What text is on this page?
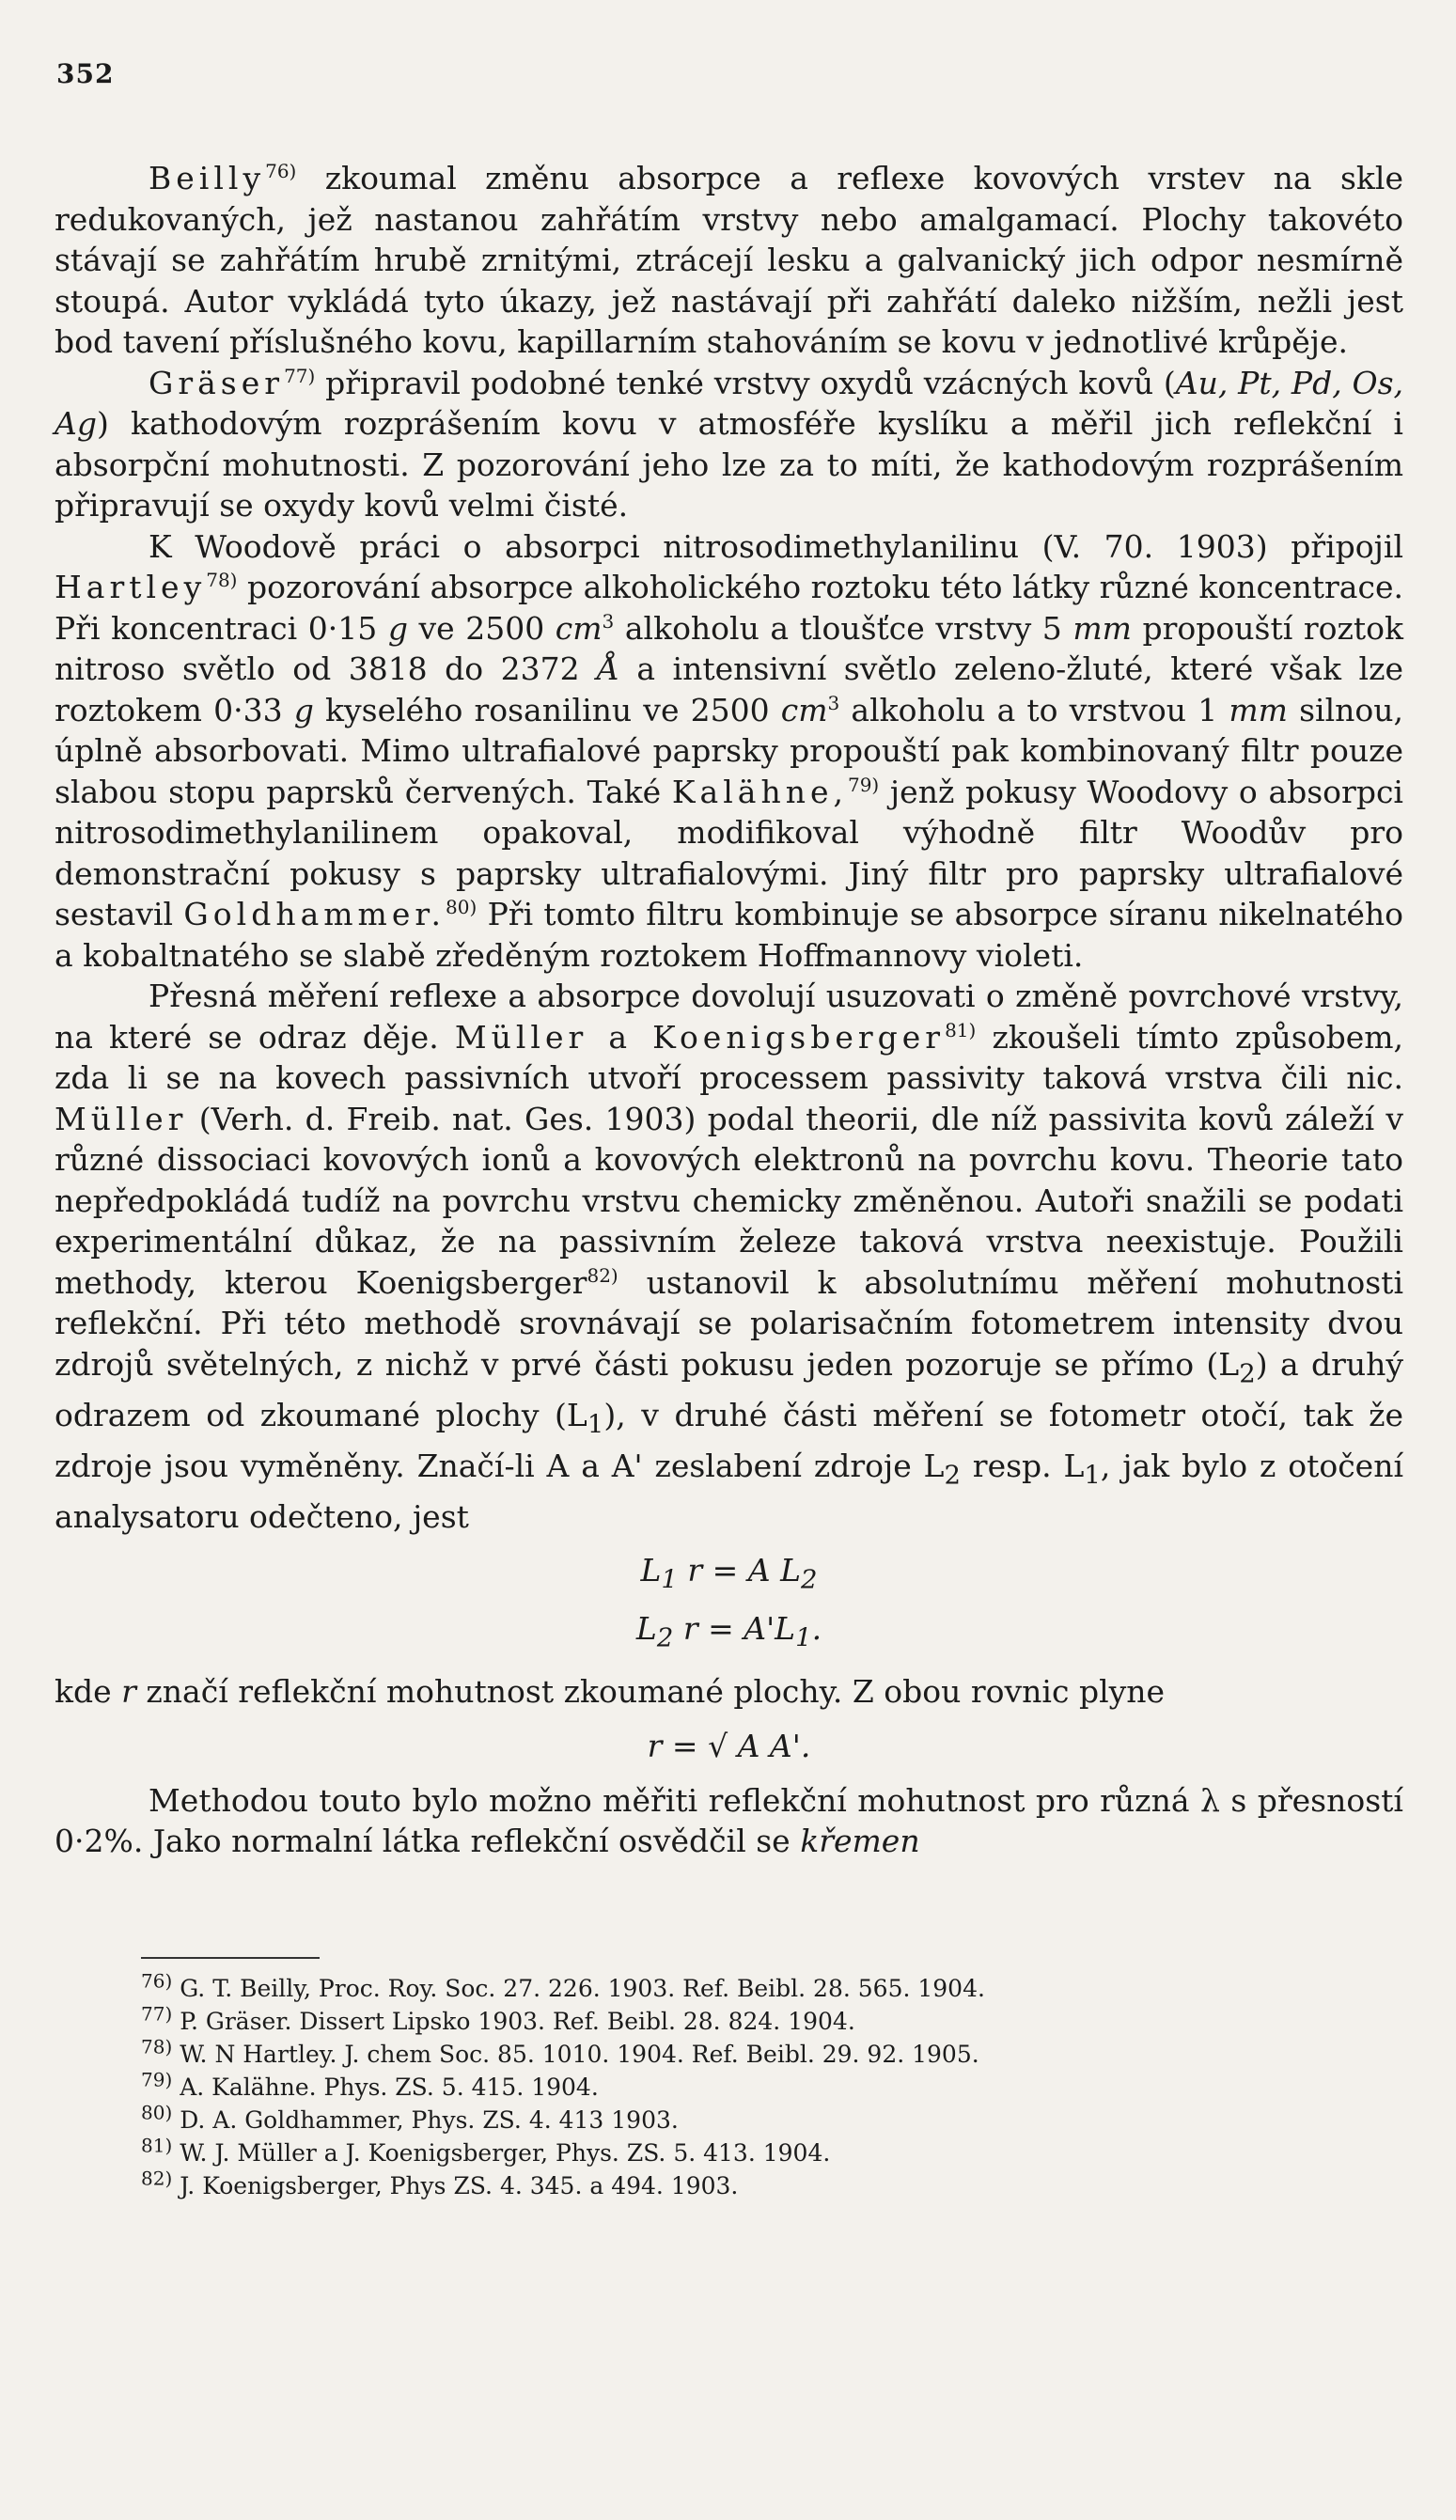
352

Beilly$^{76)}$ zkoumal změnu absorpce a reflexe kovových vrstev na skle redukovaných, jež nastanou zahřátím vrstvy nebo amalgamací. Plochy takovéto stávají se zahřátím hrubě zrnitými, ztrácejí lesku a galvanický jich odpor nesmírně stoupá. Autor vykládá tyto úkazy, jež nastávají při zahřátí daleko nižším, nežli jest bod tavení příslušného kovu, kapillarním stahováním se kovu v jednotlivé krůpěje.

Gräser$^{77)}$ připravil podobné tenké vrstvy oxydů vzácných kovů (Au, Pt, Pd, Os, Ag) kathodovým rozprášením kovu v atmosféře kyslíku a měřil jich reflekční i absorpční mohutnosti. Z pozorování jeho lze za to míti, že kathodovým rozprášením připravují se oxydy kovů velmi čisté.

K Woodově práci o absorpci nitrosodimethylanilinu (V. 70. 1903) připojil Hartley$^{78)}$ pozorování absorpce alkoholického roztoku této látky různé koncentrace. Při koncentraci 0·15 g ve 2500 $cm^3$ alkoholu a tloušťce vrstvy 5 mm propouští roztok nitroso světlo od 3818 do 2372 Å a intensivní světlo zeleno-žluté, které však lze roztokem 0·33 g kyselého rosanilinu ve 2500 $cm^3$ alkoholu a to vrstvou 1 mm silnou, úplně absorbovati. Mimo ultrafialové paprsky propouští pak kombinovaný filtr pouze slabou stopu paprsků červených. Také Kalähne,$^{79)}$ jenž pokusy Woodovy o absorpci nitrosodimethylanilinem opakoval, modifikoval výhodně filtr Woodův pro demonstrační pokusy s paprsky ultrafialovými. Jiný filtr pro paprsky ultrafialové sestavil Goldhammer.$^{80)}$ Při tomto filtru kombinuje se absorpce síranu nikelnatého a kobaltnatého se slabě zředěným roztokem Hoffmannovy violeti.

Přesná měření reflexe a absorpce dovolují usuzovati o změně povrchové vrstvy, na které se odraz děje. Müller a Koenigsberger$^{81)}$ zkoušeli tímto způsobem, zda li se na kovech passivních utvoří processem passivity taková vrstva čili nic. Müller (Verh. d. Freib. nat. Ges. 1903) podal theorii, dle níž passivita kovů záleží v různé dissociaci kovových ionů a kovových elektronů na povrchu kovu. Theorie tato nepředpokládá tudíž na povrchu vrstvu chemicky změněnou. Autoři snažili se podati experimentální důkaz, že na passivním železe taková vrstva neexistuje. Použili methody, kterou Koenigsberger$^{82)}$ ustanovil k absolutnímu měření mohutnosti reflekční. Při této methodě srovnávají se polarisačním fotometrem intensity dvou zdrojů světelných, z nichž v prvé části pokusu jeden pozoruje se přímo $(L_2)$ a druhý odrazem od zkoumané plochy $(L_1)$, v druhé části měření se fotometr otočí, tak že zdroje jsou vyměněny. Značí-li A a A' zeslabení zdroje $L_2$ resp. $L_1$, jak bylo z otočení analysatoru odečteno, jest

$L_1$ r = A $L_2$
$L_2$ $r = A'L_1$.

kde r značí reflekční mohutnost zkoumané plochy. Z obou rovnic plyne

r = √ A A'.

Methodou touto bylo možno měřiti reflekční mohutnost pro různá λ s přesností 0·2%. Jako normalní látka reflekční osvědčil se křemen

$^{76)}$ G. T. Beilly, Proc. Roy. Soc. 27. 226. 1903. Ref. Beibl. 28. 565. 1904.
$^{77)}$ P. Gräser. Dissert Lipsko 1903. Ref. Beibl. 28. 824. 1904.
$^{78)}$ W. N Hartley. J. chem Soc. 85. 1010. 1904. Ref. Beibl. 29. 92. 1905.
$^{79)}$ A. Kalähne. Phys. ZS. 5. 415. 1904.
$^{80)}$ D. A. Goldhammer, Phys. ZS. 4. 413 1903.
$^{81)}$ W. J. Müller a J. Koenigsberger, Phys. ZS. 5. 413. 1904.
$^{82)}$ J. Koenigsberger, Phys ZS. 4. 345. a 494. 1903.
